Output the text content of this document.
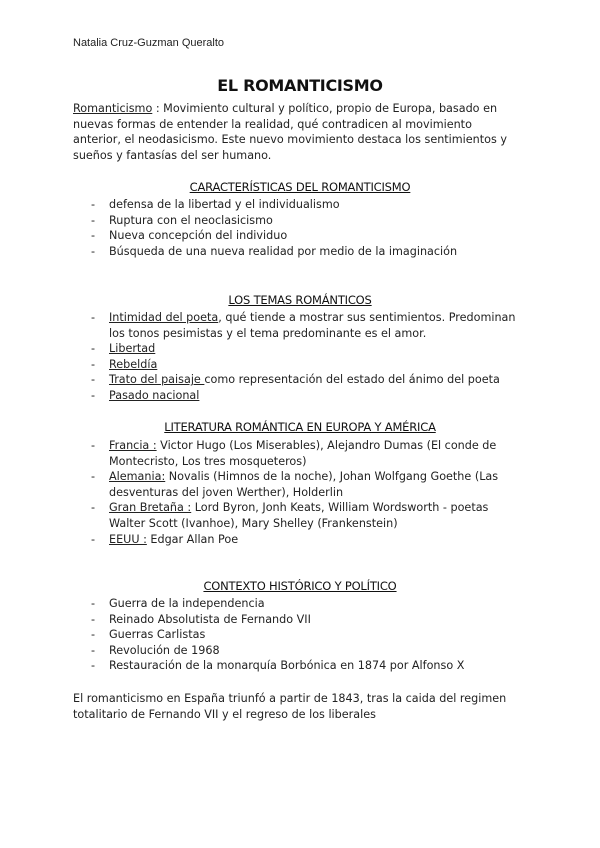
Natalia Cruz-Guzman Queralto
EL ROMANTICISMO
Romanticismo : Movimiento cultural y político, propio de Europa, basado en nuevas formas de entender la realidad, qué contradicen al movimiento anterior, el neodasicismo. Este nuevo movimiento destaca los sentimientos y sueños y fantasías del ser humano.
CARACTERÍSTICAS DEL ROMANTICISMO
- defensa de la libertad y el individualismo
- Ruptura con el neoclasicismo
- Nueva concepción del individuo
- Búsqueda de una nueva realidad por medio de la imaginación
LOS TEMAS ROMÁNTICOS
- Intimidad del poeta, qué tiende a mostrar sus sentimientos. Predominan los tonos pesimistas y el tema predominante es el amor.
- Libertad
- Rebeldía
- Trato del paisaje como representación del estado del ánimo del poeta
- Pasado nacional
LITERATURA ROMÁNTICA EN EUROPA Y AMÉRICA
- Francia : Victor Hugo (Los Miserables), Alejandro Dumas (El conde de Montecristo, Los tres mosqueteros)
- Alemania: Novalis (Himnos de la noche), Johan Wolfgang Goethe (Las desventuras del joven Werther), Holderlin
- Gran Bretaña : Lord Byron, Jonh Keats, William Wordsworth - poetas Walter Scott (Ivanhoe), Mary Shelley (Frankenstein)
- EEUU : Edgar Allan Poe
CONTEXTO HISTÓRICO Y POLÍTICO
- Guerra de la independencia
- Reinado Absolutista de Fernando VII
- Guerras Carlistas
- Revolución de 1968
- Restauración de la monarquía Borbónica en 1874 por Alfonso X
El romanticismo en España triunfó a partir de 1843, tras la caida del regimen totalitario de Fernando VII y el regreso de los liberales
